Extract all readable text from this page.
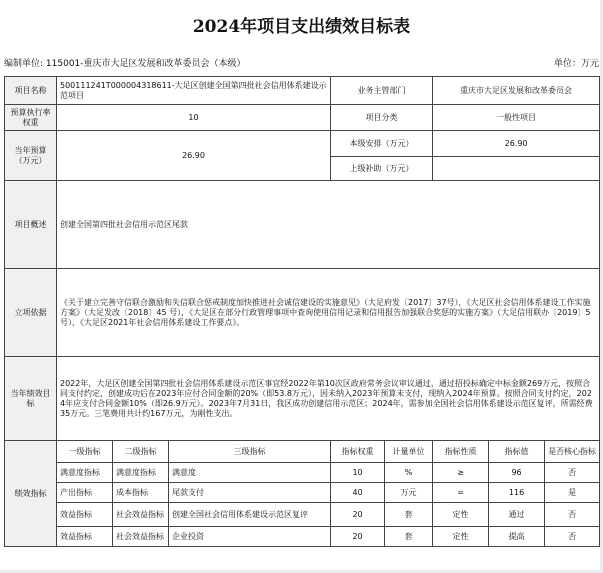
2024年项目支出绩效目标表
编制单位: 115001-重庆市大足区发展和改革委员会（本级）	单位：万元
项目名称	500111241T000004318611-大足区创建全国第四批社会信用体系建设示范项目			业务主管部门		重庆市大足区发展和改革委员会		
预算执行率权重	10			项目分类		一般性项目		
当年预算（万元）	26.90			本级安排（万元）		26.90		
				上级补助（万元）				
项目概述	创建全国第四批社会信用示范区尾款							
立项依据	《关于建立完善守信联合激励和失信联合惩戒制度加快推进社会诚信建设的实施意见》（大足府发〔2017〕37号），《大足区社会信用体系建设工作实施方案》（大足发改〔2018〕45 号），《大足区在部分行政管理事项中查询使用信用记录和信用报告加强联合奖惩的实施方案》（大足信用联办〔2019〕5 号），《大足区2021年社会信用体系建设工作要点》。							
当年绩效目标	2022年，大足区创建全国第四批社会信用体系建设示范区事宜经2022年第10次区政府常务会议审议通过，通过招投标确定中标金额269万元，按照合同支付约定，创建成功后在2023年应付合同金额的20%（即53.8万元），因未纳入2023年预算未支付，现纳入2024年预算。按照合同支付约定，2024年应支付合同金额10%（即26.9万元）。2023年7月31日，我区成功创建信用示范区；2024年，需参加全国社会信用体系建设示范区复评，所需经费35万元。三笔费用共计约167万元，为刚性支出。							
绩效指标	一级指标	二级指标	三级指标	指标权重	计量单位	指标性质	指标值	是否核心指标
	满意度指标	满意度指标	满意度	10	%	≥	96	否
	产出指标	成本指标	尾款支付	40	万元	=	116	是
	效益指标	社会效益指标	创建全国社会信用体系建设示范区复评	20	套	定性	通过	否
	效益指标	社会效益指标	企业投资	20	套	定性	提高	否
